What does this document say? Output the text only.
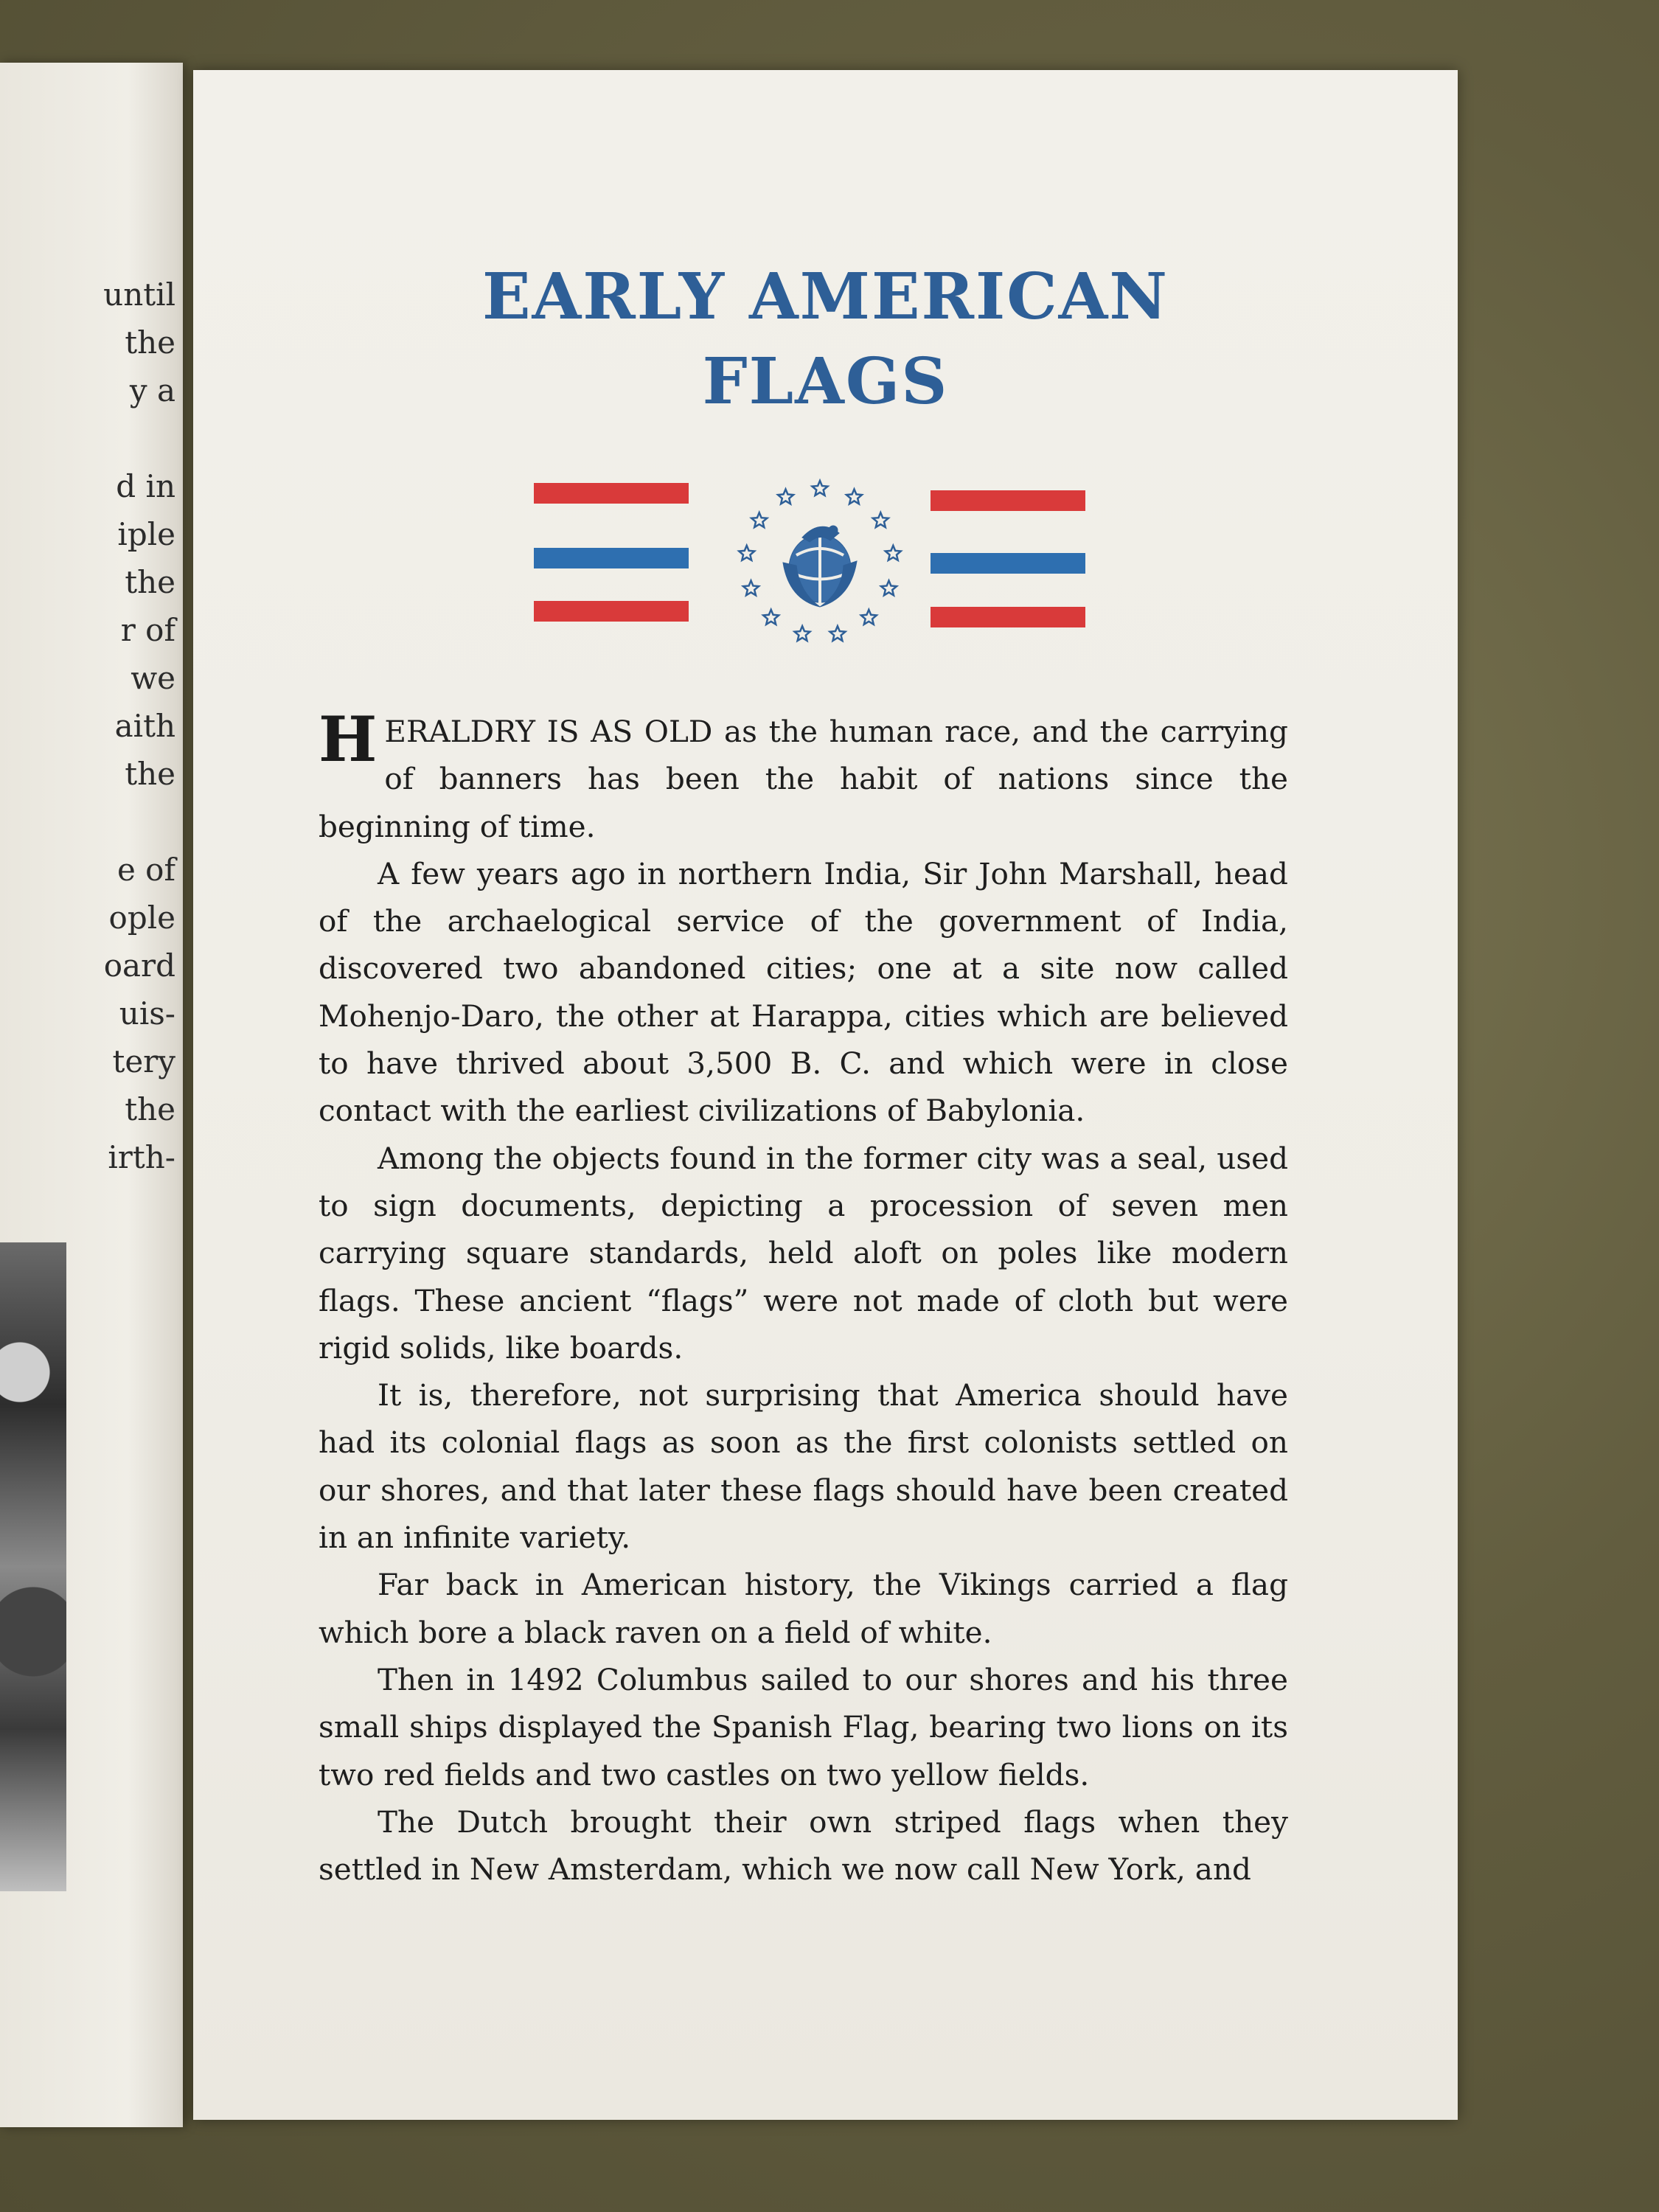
until
the
y a
d in
iple
the
r of
we
aith
the
e of
ople
oard
uis-
tery
the
irth-
EARLY AMERICAN
FLAGS

HERALDRY IS AS OLD as the human race, and the carrying of banners has been the habit of nations since the beginning of time.

A few years ago in northern India, Sir John Marshall, head of the archaelogical service of the government of India, discovered two abandoned cities; one at a site now called Mohenjo-Daro, the other at Harappa, cities which are believed to have thrived about 3,500 B. C. and which were in close contact with the earliest civilizations of Babylonia.

Among the objects found in the former city was a seal, used to sign documents, depicting a procession of seven men carrying square standards, held aloft on poles like modern flags. These ancient “flags” were not made of cloth but were rigid solids, like boards.

It is, therefore, not surprising that America should have had its colonial flags as soon as the first colonists settled on our shores, and that later these flags should have been created in an infinite variety.

Far back in American history, the Vikings carried a flag which bore a black raven on a field of white.

Then in 1492 Columbus sailed to our shores and his three small ships displayed the Spanish Flag, bearing two lions on its two red fields and two castles on two yellow fields.

The Dutch brought their own striped flags when they settled in New Amsterdam, which we now call New York, and
